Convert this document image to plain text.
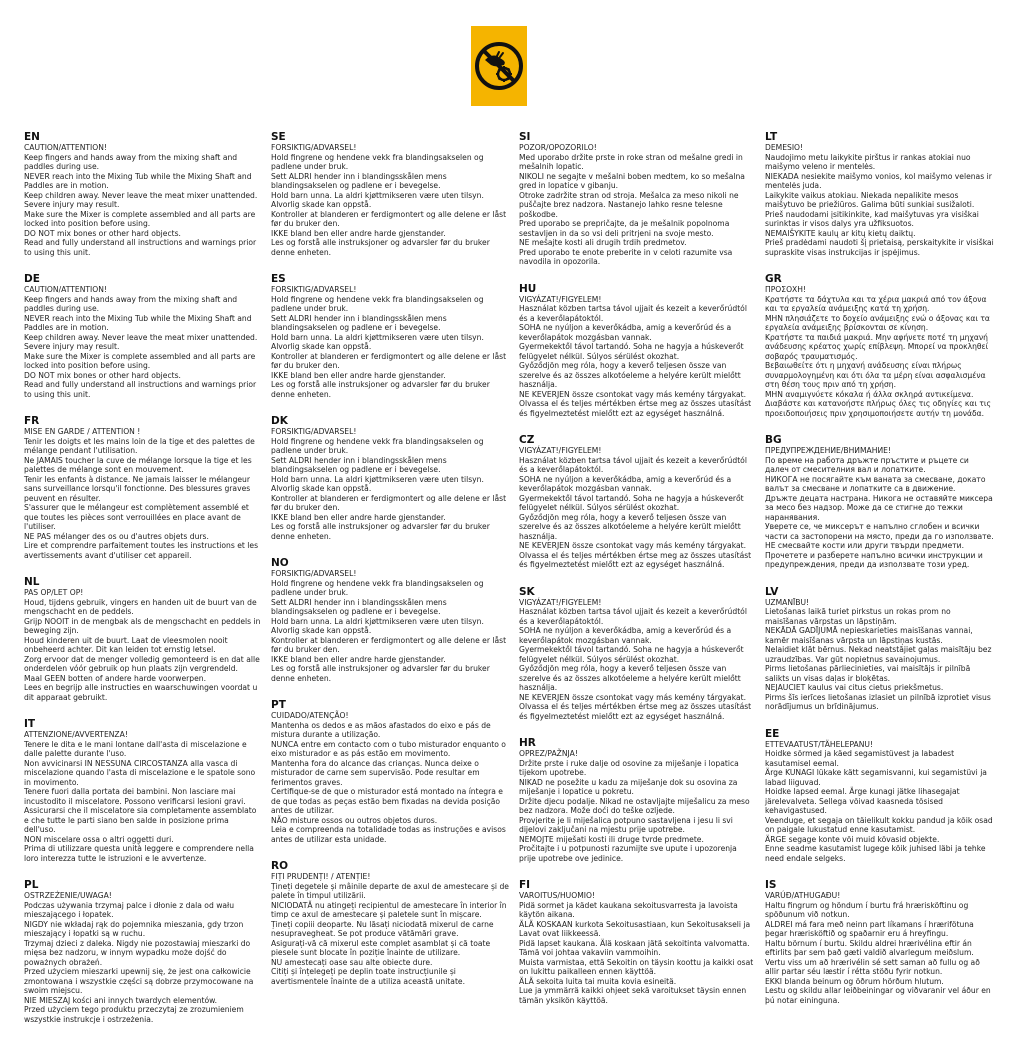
EN
CAUTION/ATTENTION!
Keep fingers and hands away from the mixing shaft and paddles during use.
NEVER reach into the Mixing Tub while the Mixing Shaft and Paddles are in motion.
Keep children away. Never leave the meat mixer unattended. Severe injury may result.
Make sure the Mixer is complete assembled and all parts are locked into position before using.
DO NOT mix bones or other hard objects.
Read and fully understand all instructions and warnings prior to using this unit.
DE
CAUTION/ATTENTION!
Keep fingers and hands away from the mixing shaft and paddles during use.
NEVER reach into the Mixing Tub while the Mixing Shaft and Paddles are in motion.
Keep children away. Never leave the meat mixer unattended. Severe injury may result.
Make sure the Mixer is complete assembled and all parts are locked into position before using.
DO NOT mix bones or other hard objects.
Read and fully understand all instructions and warnings prior to using this unit.
FR
MISE EN GARDE / ATTENTION !
Tenir les doigts et les mains loin de la tige et des palettes de mélange pendant l'utilisation.
Ne JAMAIS toucher la cuve de mélange lorsque la tige et les palettes de mélange sont en mouvement.
Tenir les enfants à distance. Ne jamais laisser le mélangeur sans surveillance lorsqu'il fonctionne. Des blessures graves peuvent en résulter.
S'assurer que le mélangeur est complètement assemblé et que toutes les pièces sont verrouillées en place avant de l'utiliser.
NE PAS mélanger des os ou d'autres objets durs.
Lire et comprendre parfaitement toutes les instructions et les avertissements avant d'utiliser cet appareil.
NL
PAS OP/LET OP!
Houd, tijdens gebruik, vingers en handen uit de buurt van de mengschacht en de peddels.
Grijp NOOIT in de mengbak als de mengschacht en peddels in beweging zijn.
Houd kinderen uit de buurt. Laat de vleesmolen nooit onbeheerd achter. Dit kan leiden tot ernstig letsel.
Zorg ervoor dat de menger volledig gemonteerd is en dat alle onderdelen vóór gebruik op hun plaats zijn vergrendeld.
Maal GEEN botten of andere harde voorwerpen.
Lees en begrijp alle instructies en waarschuwingen voordat u dit apparaat gebruikt.
IT
ATTENZIONE/AVVERTENZA!
Tenere le dita e le mani lontane dall'asta di miscelazione e dalle palette durante l'uso.
Non avvicinarsi IN NESSUNA CIRCOSTANZA alla vasca di miscelazione quando l'asta di miscelazione e le spatole sono in movimento.
Tenere fuori dalla portata dei bambini. Non lasciare mai incustodito il miscelatore. Possono verificarsi lesioni gravi.
Assicurarsi che il miscelatore sia completamente assemblato e che tutte le parti siano ben salde in posizione prima dell'uso.
NON miscelare ossa o altri oggetti duri.
Prima di utilizzare questa unità leggere e comprendere nella loro interezza tutte le istruzioni e le avvertenze.
PL
OSTRZEŻENIE/UWAGA!
Podczas używania trzymaj palce i dłonie z dala od wału mieszającego i łopatek.
NIGDY nie wkładaj rąk do pojemnika mieszania, gdy trzon mieszający i łopatki są w ruchu.
Trzymaj dzieci z daleka. Nigdy nie pozostawiaj mieszarki do mięsa bez nadzoru, w innym wypadku może dojść do poważnych obrażeń.
Przed użyciem mieszarki upewnij się, że jest ona całkowicie zmontowana i wszystkie części są dobrze przymocowane na swoim miejscu.
NIE MIESZAJ kości ani innych twardych elementów.
Przed użyciem tego produktu przeczytaj ze zrozumieniem wszystkie instrukcje i ostrzeżenia.
SE
FORSIKTIG/ADVARSEL!
Hold fingrene og hendene vekk fra blandingsakselen og padlene under bruk.
Sett ALDRI hender inn i blandingsskålen mens blandingsakselen og padlene er i bevegelse.
Hold barn unna. La aldri kjøttmikseren være uten tilsyn. Alvorlig skade kan oppstå.
Kontroller at blanderen er ferdigmontert og alle delene er låst før du bruker den.
IKKE bland ben eller andre harde gjenstander.
Les og forstå alle instruksjoner og advarsler før du bruker denne enheten.
ES
FORSIKTIG/ADVARSEL!
Hold fingrene og hendene vekk fra blandingsakselen og padlene under bruk.
Sett ALDRI hender inn i blandingsskålen mens blandingsakselen og padlene er i bevegelse.
Hold barn unna. La aldri kjøttmikseren være uten tilsyn. Alvorlig skade kan oppstå.
Kontroller at blanderen er ferdigmontert og alle delene er låst før du bruker den.
IKKE bland ben eller andre harde gjenstander.
Les og forstå alle instruksjoner og advarsler før du bruker denne enheten.
DK
FORSIKTIG/ADVARSEL!
Hold fingrene og hendene vekk fra blandingsakselen og padlene under bruk.
Sett ALDRI hender inn i blandingsskålen mens blandingsakselen og padlene er i bevegelse.
Hold barn unna. La aldri kjøttmikseren være uten tilsyn. Alvorlig skade kan oppstå.
Kontroller at blanderen er ferdigmontert og alle delene er låst før du bruker den.
IKKE bland ben eller andre harde gjenstander.
Les og forstå alle instruksjoner og advarsler før du bruker denne enheten.
NO
FORSIKTIG/ADVARSEL!
Hold fingrene og hendene vekk fra blandingsakselen og padlene under bruk.
Sett ALDRI hender inn i blandingsskålen mens blandingsakselen og padlene er i bevegelse.
Hold barn unna. La aldri kjøttmikseren være uten tilsyn. Alvorlig skade kan oppstå.
Kontroller at blanderen er ferdigmontert og alle delene er låst før du bruker den.
IKKE bland ben eller andre harde gjenstander.
Les og forstå alle instruksjoner og advarsler før du bruker denne enheten.
PT
CUIDADO/ATENÇÃO!
Mantenha os dedos e as mãos afastados do eixo e pás de mistura durante a utilização.
NUNCA entre em contacto com o tubo misturador enquanto o eixo misturador e as pás estão em movimento.
Mantenha fora do alcance das crianças. Nunca deixe o misturador de carne sem supervisão. Pode resultar em ferimentos graves.
Certifique-se de que o misturador está montado na íntegra e de que todas as peças estão bem fixadas na devida posição antes de utilizar.
NÃO misture ossos ou outros objetos duros.
Leia e compreenda na totalidade todas as instruções e avisos antes de utilizar esta unidade.
RO
FIȚI PRUDENȚI! / ATENȚIE!
Țineți degetele și mâinile departe de axul de amestecare și de palete în timpul utilizării.
NICIODATĂ nu atingeți recipientul de amestecare în interior în timp ce axul de amestecare și paletele sunt în mișcare.
Țineți copiii deoparte. Nu lăsați niciodată mixerul de carne nesupravegheat. Se pot produce vătămări grave.
Asigurați-vă că mixerul este complet asamblat și că toate piesele sunt blocate în poziție înainte de utilizare.
NU amestecați oase sau alte obiecte dure.
Citiți și înțelegeți pe deplin toate instrucțiunile și avertismentele înainte de a utiliza această unitate.
SI
POZOR/OPOZORILO!
Med uporabo držite prste in roke stran od mešalne gredi in mešalnih lopatic.
NIKOLI ne segajte v mešalni boben medtem, ko so mešalna gred in lopatice v gibanju.
Otroke zadržite stran od stroja. Mešalca za meso nikoli ne puščajte brez nadzora. Nastanejo lahko resne telesne poškodbe.
Pred uporabo se prepričajte, da je mešalnik popolnoma sestavljen in da so vsi deli pritrjeni na svoje mesto.
NE mešajte kosti ali drugih trdih predmetov.
Pred uporabo te enote preberite in v celoti razumite vsa navodila in opozorila.
HU
VIGYÁZAT!/FIGYELEM!
Használat közben tartsa távol ujjait és kezeit a keverőrúdtól és a keverőlapátoktól.
SOHA ne nyúljon a keverőkádba, amig a keverőrúd és a keverőlapátok mozgásban vannak.
Gyermekektől távol tartandó. Soha ne hagyja a húskeverőt felügyelet nélkül. Súlyos sérülést okozhat.
Győződjön meg róla, hogy a keverő teljesen össze van szerelve és az összes alkotóeleme a helyére került mielőtt használja.
NE KEVERJEN össze csontokat vagy más kemény tárgyakat.
Olvassa el és teljes mértékben értse meg az összes utasítást és figyelmeztetést mielőtt ezt az egységet használná.
CZ
VIGYÁZAT!/FIGYELEM!
Használat közben tartsa távol ujjait és kezeit a keverőrúdtól és a keverőlapátoktól.
SOHA ne nyúljon a keverőkádba, amig a keverőrúd és a keverőlapátok mozgásban vannak.
Gyermekektől távol tartandó. Soha ne hagyja a húskeverőt felügyelet nélkül. Súlyos sérülést okozhat.
Győződjön meg róla, hogy a keverő teljesen össze van szerelve és az összes alkotóeleme a helyére került mielőtt használja.
NE KEVERJEN össze csontokat vagy más kemény tárgyakat.
Olvassa el és teljes mértékben értse meg az összes utasítást és figyelmeztetést mielőtt ezt az egységet használná.
SK
VIGYÁZAT!/FIGYELEM!
Használat közben tartsa távol ujjait és kezeit a keverőrúdtól és a keverőlapátoktól.
SOHA ne nyúljon a keverőkádba, amig a keverőrúd és a keverőlapátok mozgásban vannak.
Gyermekektől távol tartandó. Soha ne hagyja a húskeverőt felügyelet nélkül. Súlyos sérülést okozhat.
Győződjön meg róla, hogy a keverő teljesen össze van szerelve és az összes alkotóeleme a helyére került mielőtt használja.
NE KEVERJEN össze csontokat vagy más kemény tárgyakat.
Olvassa el és teljes mértékben értse meg az összes utasítást és figyelmeztetést mielőtt ezt az egységet használná.
HR
OPREZ/PAŽNJA!
Držite prste i ruke dalje od osovine za miješanje i lopatica tijekom upotrebe.
NIKAD ne posežite u kadu za miješanje dok su osovina za miješanje i lopatice u pokretu.
Držite djecu podalje. Nikad ne ostavljajte miješalicu za meso bez nadzora. Može doći do teške ozljede.
Provjerite je li miješalica potpuno sastavljena i jesu li svi dijelovi zaključani na mjestu prije upotrebe.
NEMOJTE miješati kosti ili druge tvrde predmete.
Pročitajte i u potpunosti razumijte sve upute i upozorenja prije upotrebe ove jedinice.
FI
VAROITUS/HUOMIO!
Pidä sormet ja kädet kaukana sekoitusvarresta ja lavoista käytön aikana.
ÄLÄ KOSKAAN kurkota Sekoitusastiaan, kun Sekoitusakseli ja Lavat ovat liikkeessä.
Pidä lapset kaukana. Älä koskaan jätä sekoitinta valvomatta. Tämä voi johtaa vakaviin vammoihin.
Muista varmistaa, että Sekoitin on täysin koottu ja kaikki osat on lukittu paikalleen ennen käyttöä.
ÄLÄ sekoita luita tai muita kovia esineitä.
Lue ja ymmärrä kaikki ohjeet sekä varoitukset täysin ennen tämän yksikön käyttöä.
LT
DEMESIO!
Naudojimo metu laikykite pirštus ir rankas atokiai nuo maišymo velenо ir mentelės.
NIEKADA nesiekite maišymo vonios, kol maišymo velenas ir mentelės juda.
Laikykite vaikus atokiau. Niekada nepalikite mesos maišytuvo be priežiūros. Galima būti sunkiai susižaloti.
Prieš naudodami įsitikinkite, kad maišytuvas yra visiškai surinktas ir visos dalys yra užfiksuotos.
NEMAIŠYKITE kaulų ar kitų kietų daiktų.
Prieš pradėdami naudoti šį prietaisą, perskaitykite ir visiškai supraskite visas instrukcijas ir įspėjimus.
GR
ΠΡΟΣΟΧΗ!
Κρατήστε τα δάχτυλα και τα χέρια μακριά από τον άξονα και τα εργαλεία ανάμειξης κατά τη χρήση.
ΜΗΝ πλησιάζετε το δοχείο ανάμειξης ενώ ο άξονας και τα εργαλεία ανάμειξης βρίσκονται σε κίνηση.
Κρατήστε τα παιδιά μακριά. Μην αφήνετε ποτέ τη μηχανή ανάδευσης κρέατος χωρίς επίβλεψη. Μπορεί να προκληθεί σοβαρός τραυματισμός.
Βεβαιωθείτε ότι η μηχανή ανάδευσης είναι πλήρως συναρμολογημένη και ότι όλα τα μέρη είναι ασφαλισμένα στη θέση τους πριν από τη χρήση.
ΜΗΝ αναμιγνύετε κόκαλα ή άλλα σκληρά αντικείμενα.
Διαβάστε και κατανοήστε πλήρως όλες τις οδηγίες και τις προειδοποιήσεις πριν χρησιμοποιήσετε αυτήν τη μονάδα.
BG
ПРЕДУПРЕЖДЕНИЕ/ВНИМАНИЕ!
По време на работа дръжте пръстите и ръцете си далеч от смесителния вал и лопатките.
НИКОГА не посягайте към ваната за смесване, докато валът за смесване и лопатките са в движение.
Дръжте децата настрана. Никога не оставяйте миксера за месо без надзор. Може да се стигне до тежки наранявания.
Уверете се, че миксерът е напълно сглобен и всички части са застопорени на място, преди да го използвате.
НЕ смесвайте кости или други твърди предмети.
Прочетете и разберете напълно всички инструкции и предупреждения, преди да използвате този уред.
LV
UZMANĪBU!
Lietošanas laikā turiet pirkstus un rokas prom no maisīšanas vārpstas un lāpstiņām.
NEKĀDĀ GADĪJUMĀ nepieskarieties maisīšanas vannai, kamēr maisīšanas vārpsta un lāpstiņas kustās.
Nelaidiet klāt bērnus. Nekad neatstājiet gaļas maisītāju bez uzraudzības. Var gūt nopietnus savainojumus.
Pirms lietošanas pārliecinieties, vai maisītājs ir pilnībā salikts un visas daļas ir bloķētas.
NEJAUCIET kaulus vai citus cietus priekšmetus.
Pirms šīs ierīces lietošanas izlasiet un pilnībā izprotiet visus norādījumus un brīdinājumus.
EE
ETTEVAATUST/TÄHELEPANU!
Hoidke sõrmed ja käed segamistüvest ja labadest kasutamisel eemal.
Ärge KUNAGI lükake kätt segamisvanni, kui segamistüvi ja labad liiguvad.
Hoidke lapsed eemal. Ärge kunagi jätke lihasegajat järelevalveta. Sellega võivad kaasneda tõsised kehavigastused.
Veenduge, et segaja on täielikult kokku pandud ja kõik osad on paigale lukustatud enne kasutamist.
ÄRGE segage konte või muid kõvasid objekte.
Enne seadme kasutamist lugege kõik juhised läbi ja tehke need endale selgeks.
IS
VARÚÐ/ATHUGAÐU!
Haltu fingrum og höndum í burtu frá hrærisköftinu og spöðunum við notkun.
ALDREI má fara með neinn part líkamans í hrærifötuna þegar hrærisköftið og spaðarnir eru á hreyfingu.
Haltu börnum í burtu. Skildu aldrei hrærivélina eftir án eftirlits þar sem það gæti valdið alvarlegum meiðslum.
Vertu viss um að hrærivélin sé sett saman að fullu og að allir partar séu læstir í réttа stöðu fyrir notkun.
EKKI blanda beinum og öðrum hörðum hlutum.
Lestu og skildu allar leiðbeiningar og viðvaranir vel áður en þú notar eininguna.
